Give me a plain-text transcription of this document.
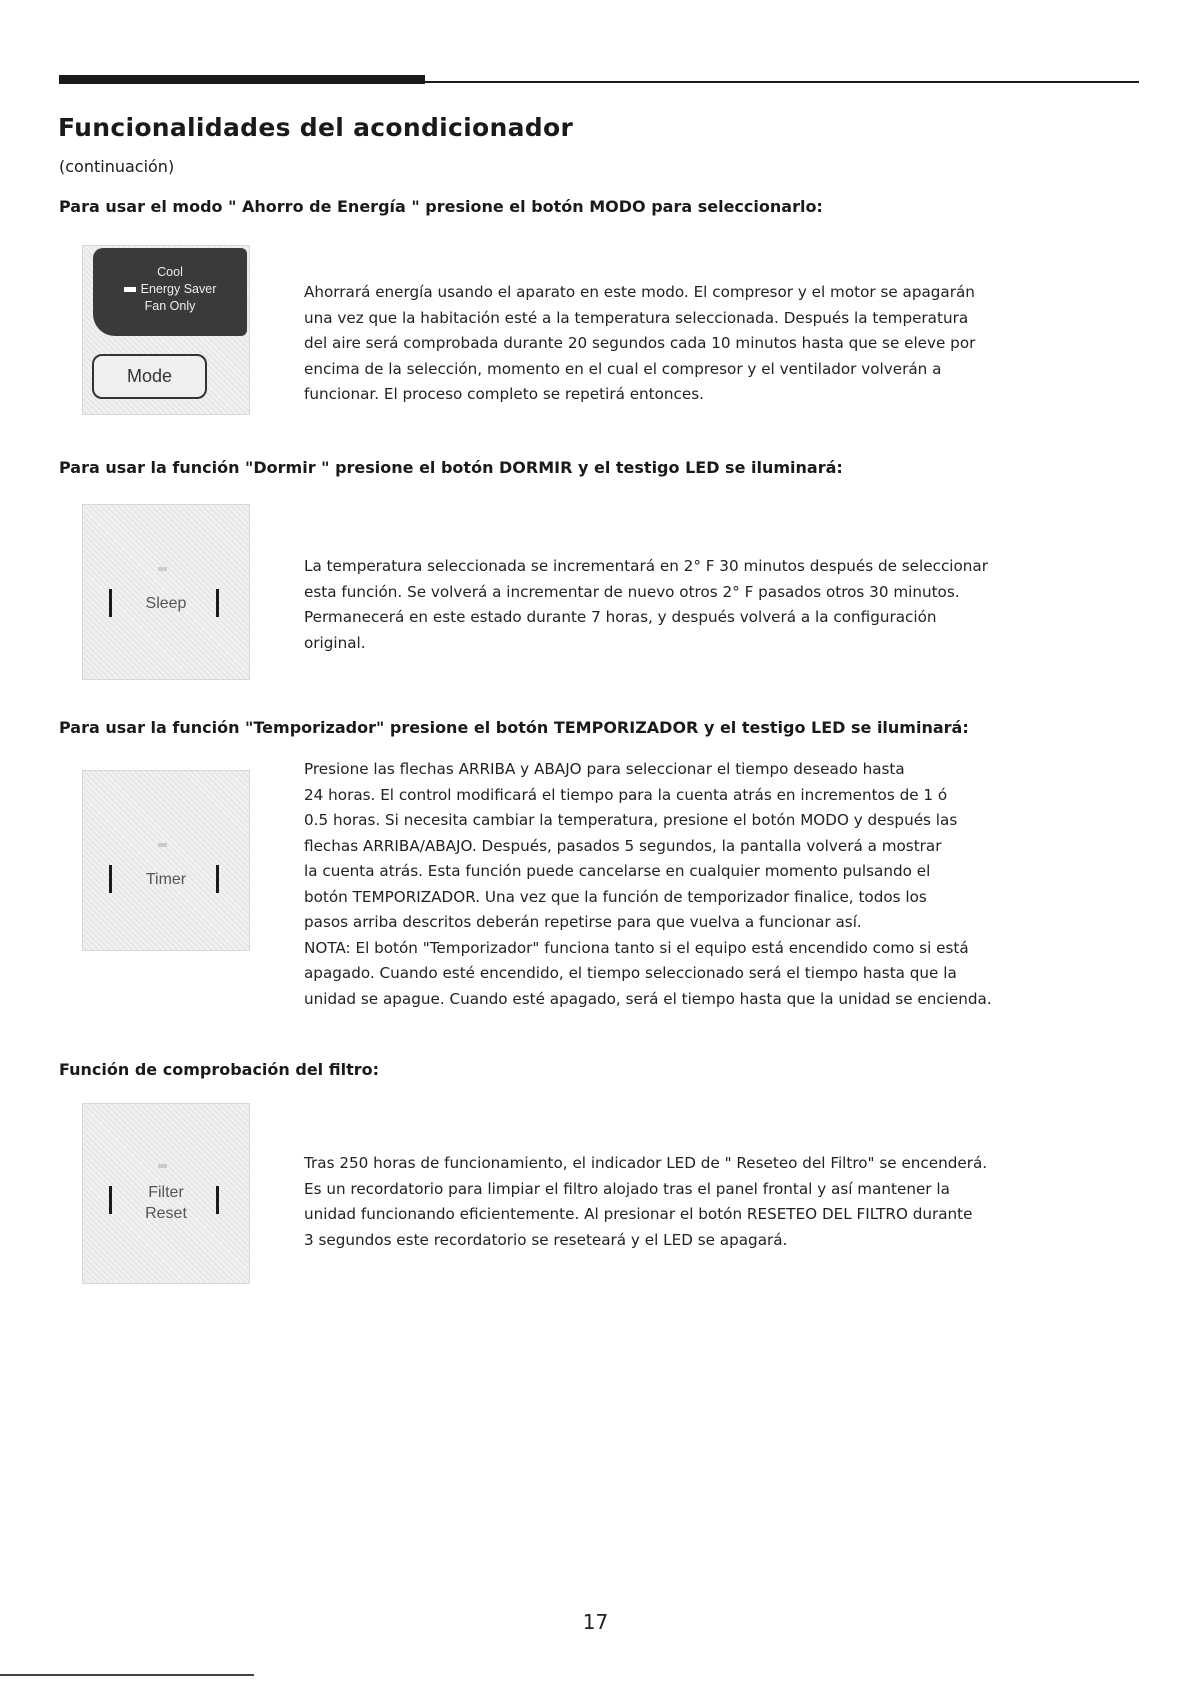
Funcionalidades del acondicionador

(continuación)

Para usar el modo " Ahorro de Energía " presione el botón MODO para seleccionarlo:
Cool
Energy Saver
Fan Only
Mode

Ahorrará energía usando el aparato en este modo. El compresor y el motor se apagarán
una vez que la habitación esté a la temperatura seleccionada. Después la temperatura
del aire será comprobada durante 20 segundos cada 10 minutos hasta que se eleve por
encima de la selección, momento en el cual el compresor y el ventilador volverán a
funcionar. El proceso completo se repetirá entonces.

Para usar la función "Dormir " presione el botón DORMIR y el testigo LED se iluminará:
Sleep

La temperatura seleccionada se incrementará en 2° F 30 minutos después de seleccionar
esta función. Se volverá a incrementar de nuevo otros 2° F pasados otros 30 minutos.
Permanecerá en este estado durante 7 horas, y después volverá a la configuración
original.

Para usar la función "Temporizador" presione el botón TEMPORIZADOR y el testigo LED se iluminará:
Timer

Presione las flechas ARRIBA y ABAJO para seleccionar el tiempo deseado hasta
24 horas. El control modificará el tiempo para la cuenta atrás en incrementos de 1 ó
0.5 horas. Si necesita cambiar la temperatura, presione el botón MODO y después las
flechas ARRIBA/ABAJO. Después, pasados 5 segundos, la pantalla volverá a mostrar
la cuenta atrás. Esta función puede cancelarse en cualquier momento pulsando el
botón TEMPORIZADOR. Una vez que la función de temporizador finalice, todos los
pasos arriba descritos deberán repetirse para que vuelva a funcionar así.
NOTA: El botón "Temporizador" funciona tanto si el equipo está encendido como si está
apagado. Cuando esté encendido, el tiempo seleccionado será el tiempo hasta que la
unidad se apague. Cuando esté apagado, será el tiempo hasta que la unidad se encienda.

Función de comprobación del filtro:
Filter
Reset

Tras 250 horas de funcionamiento, el indicador LED de " Reseteo del Filtro" se encenderá.
Es un recordatorio para limpiar el filtro alojado tras el panel frontal y así mantener la
unidad funcionando eficientemente. Al presionar el botón RESETEO DEL FILTRO durante
3 segundos este recordatorio se reseteará y el LED se apagará.

17
